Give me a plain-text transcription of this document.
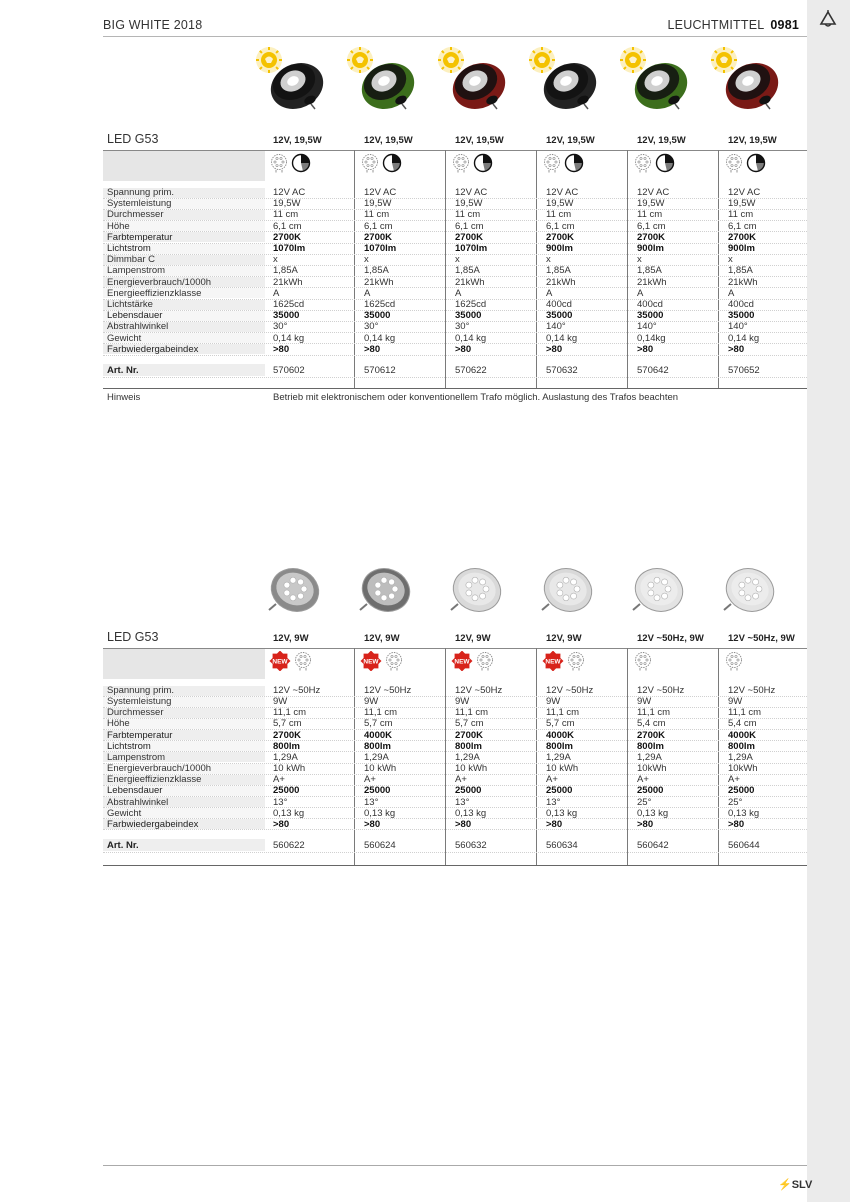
BIG WHITE 2018	LEUCHTMITTEL 0981
LED G53	12V, 19,5W	12V, 19,5W	12V, 19,5W	12V, 19,5W	12V, 19,5W	12V, 19,5W
Spannung prim.	12V AC	12V AC	12V AC	12V AC	12V AC	12V AC
Systemleistung	19,5W	19,5W	19,5W	19,5W	19,5W	19,5W
Durchmesser	11 cm	11 cm	11 cm	11 cm	11 cm	11 cm
Höhe	6,1 cm	6,1 cm	6,1 cm	6,1 cm	6,1 cm	6,1 cm
Farbtemperatur	2700K	2700K	2700K	2700K	2700K	2700K
Lichtstrom	1070lm	1070lm	1070lm	900lm	900lm	900lm
Dimmbar C	x	x	x	x	x	x
Lampenstrom	1,85A	1,85A	1,85A	1,85A	1,85A	1,85A
Energieverbrauch/1000h	21kWh	21kWh	21kWh	21kWh	21kWh	21kWh
Energieeffizienzklasse	A	A	A	A	A	A
Lichtstärke	1625cd	1625cd	1625cd	400cd	400cd	400cd
Lebensdauer	35000	35000	35000	35000	35000	35000
Abstrahlwinkel	30°	30°	30°	140°	140°	140°
Gewicht	0,14 kg	0,14 kg	0,14 kg	0,14 kg	0,14kg	0,14 kg
Farbwiedergabeindex	>80	>80	>80	>80	>80	>80
Art. Nr.	570602	570612	570622	570632	570642	570652
Hinweis	Betrieb mit elektronischem oder konventionellem Trafo möglich. Auslastung des Trafos beachten
LED G53	12V, 9W	12V, 9W	12V, 9W	12V, 9W	12V ~50Hz, 9W	12V ~50Hz, 9W
NEW	NEW	NEW	NEW
Spannung prim.	12V ~50Hz	12V ~50Hz	12V ~50Hz	12V ~50Hz	12V ~50Hz	12V ~50Hz
Systemleistung	9W	9W	9W	9W	9W	9W
Durchmesser	11,1 cm	11,1 cm	11,1 cm	11,1 cm	11,1 cm	11,1 cm
Höhe	5,7 cm	5,7 cm	5,7 cm	5,7 cm	5,4 cm	5,4 cm
Farbtemperatur	2700K	4000K	2700K	4000K	2700K	4000K
Lichtstrom	800lm	800lm	800lm	800lm	800lm	800lm
Lampenstrom	1,29A	1,29A	1,29A	1,29A	1,29A	1,29A
Energieverbrauch/1000h	10 kWh	10 kWh	10 kWh	10 kWh	10kWh	10kWh
Energieeffizienzklasse	A+	A+	A+	A+	A+	A+
Lebensdauer	25000	25000	25000	25000	25000	25000
Abstrahlwinkel	13°	13°	13°	13°	25°	25°
Gewicht	0,13 kg	0,13 kg	0,13 kg	0,13 kg	0,13 kg	0,13 kg
Farbwiedergabeindex	>80	>80	>80	>80	>80	>80
Art. Nr.	560622	560624	560632	560634	560642	560644
⚡SLV
